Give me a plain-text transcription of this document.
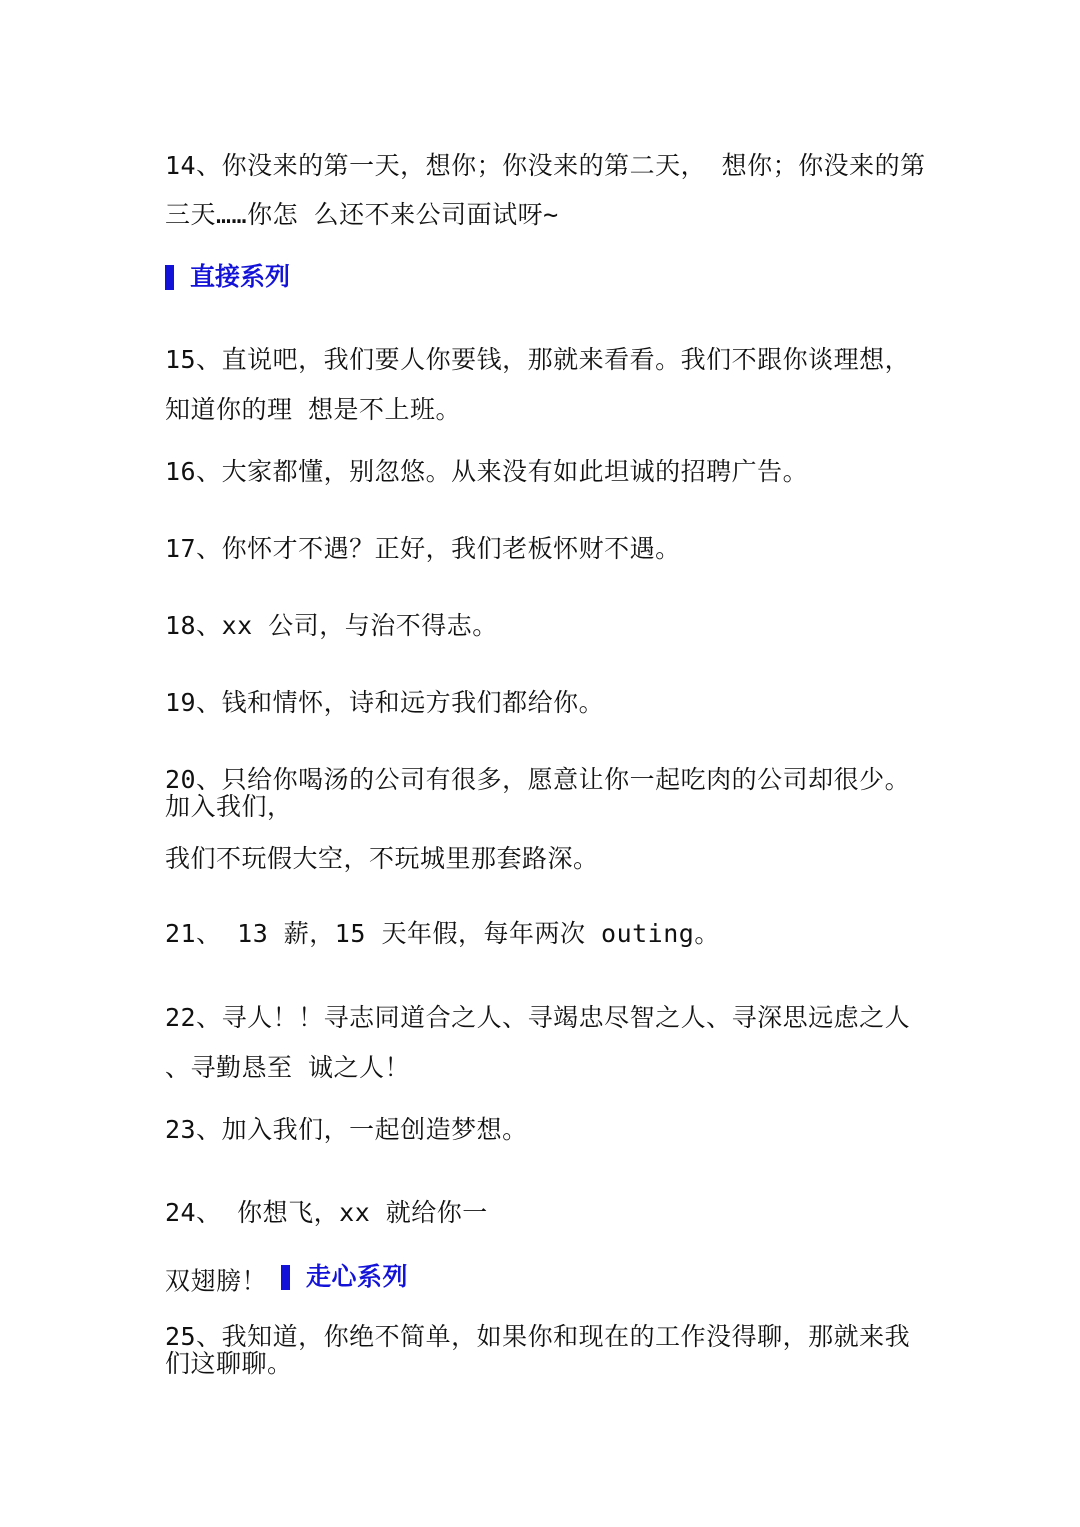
14、你没来的第一天，想你；你没来的第二天， 想你；你没来的第
三天……你怎 么还不来公司面试呀~
直接系列
15、直说吧，我们要人你要钱，那就来看看。我们不跟你谈理想，
知道你的理 想是不上班。
16、大家都懂，别忽悠。从来没有如此坦诚的招聘广告。
17、你怀才不遇？正好，我们老板怀财不遇。
18、xx 公司，与治不得志。
19、钱和情怀，诗和远方我们都给你。
20、只给你喝汤的公司有很多，愿意让你一起吃肉的公司却很少。
加入我们，
我们不玩假大空，不玩城里那套路深。
21、 13 薪，15 天年假，每年两次 outing。
22、寻人！！寻志同道合之人、寻竭忠尽智之人、寻深思远虑之人
、寻勤恳至 诚之人！
23、加入我们，一起创造梦想。
24、 你想飞，xx 就给你一
双翅膀！ 走心系列
25、我知道，你绝不简单，如果你和现在的工作没得聊，那就来我
们这聊聊。
